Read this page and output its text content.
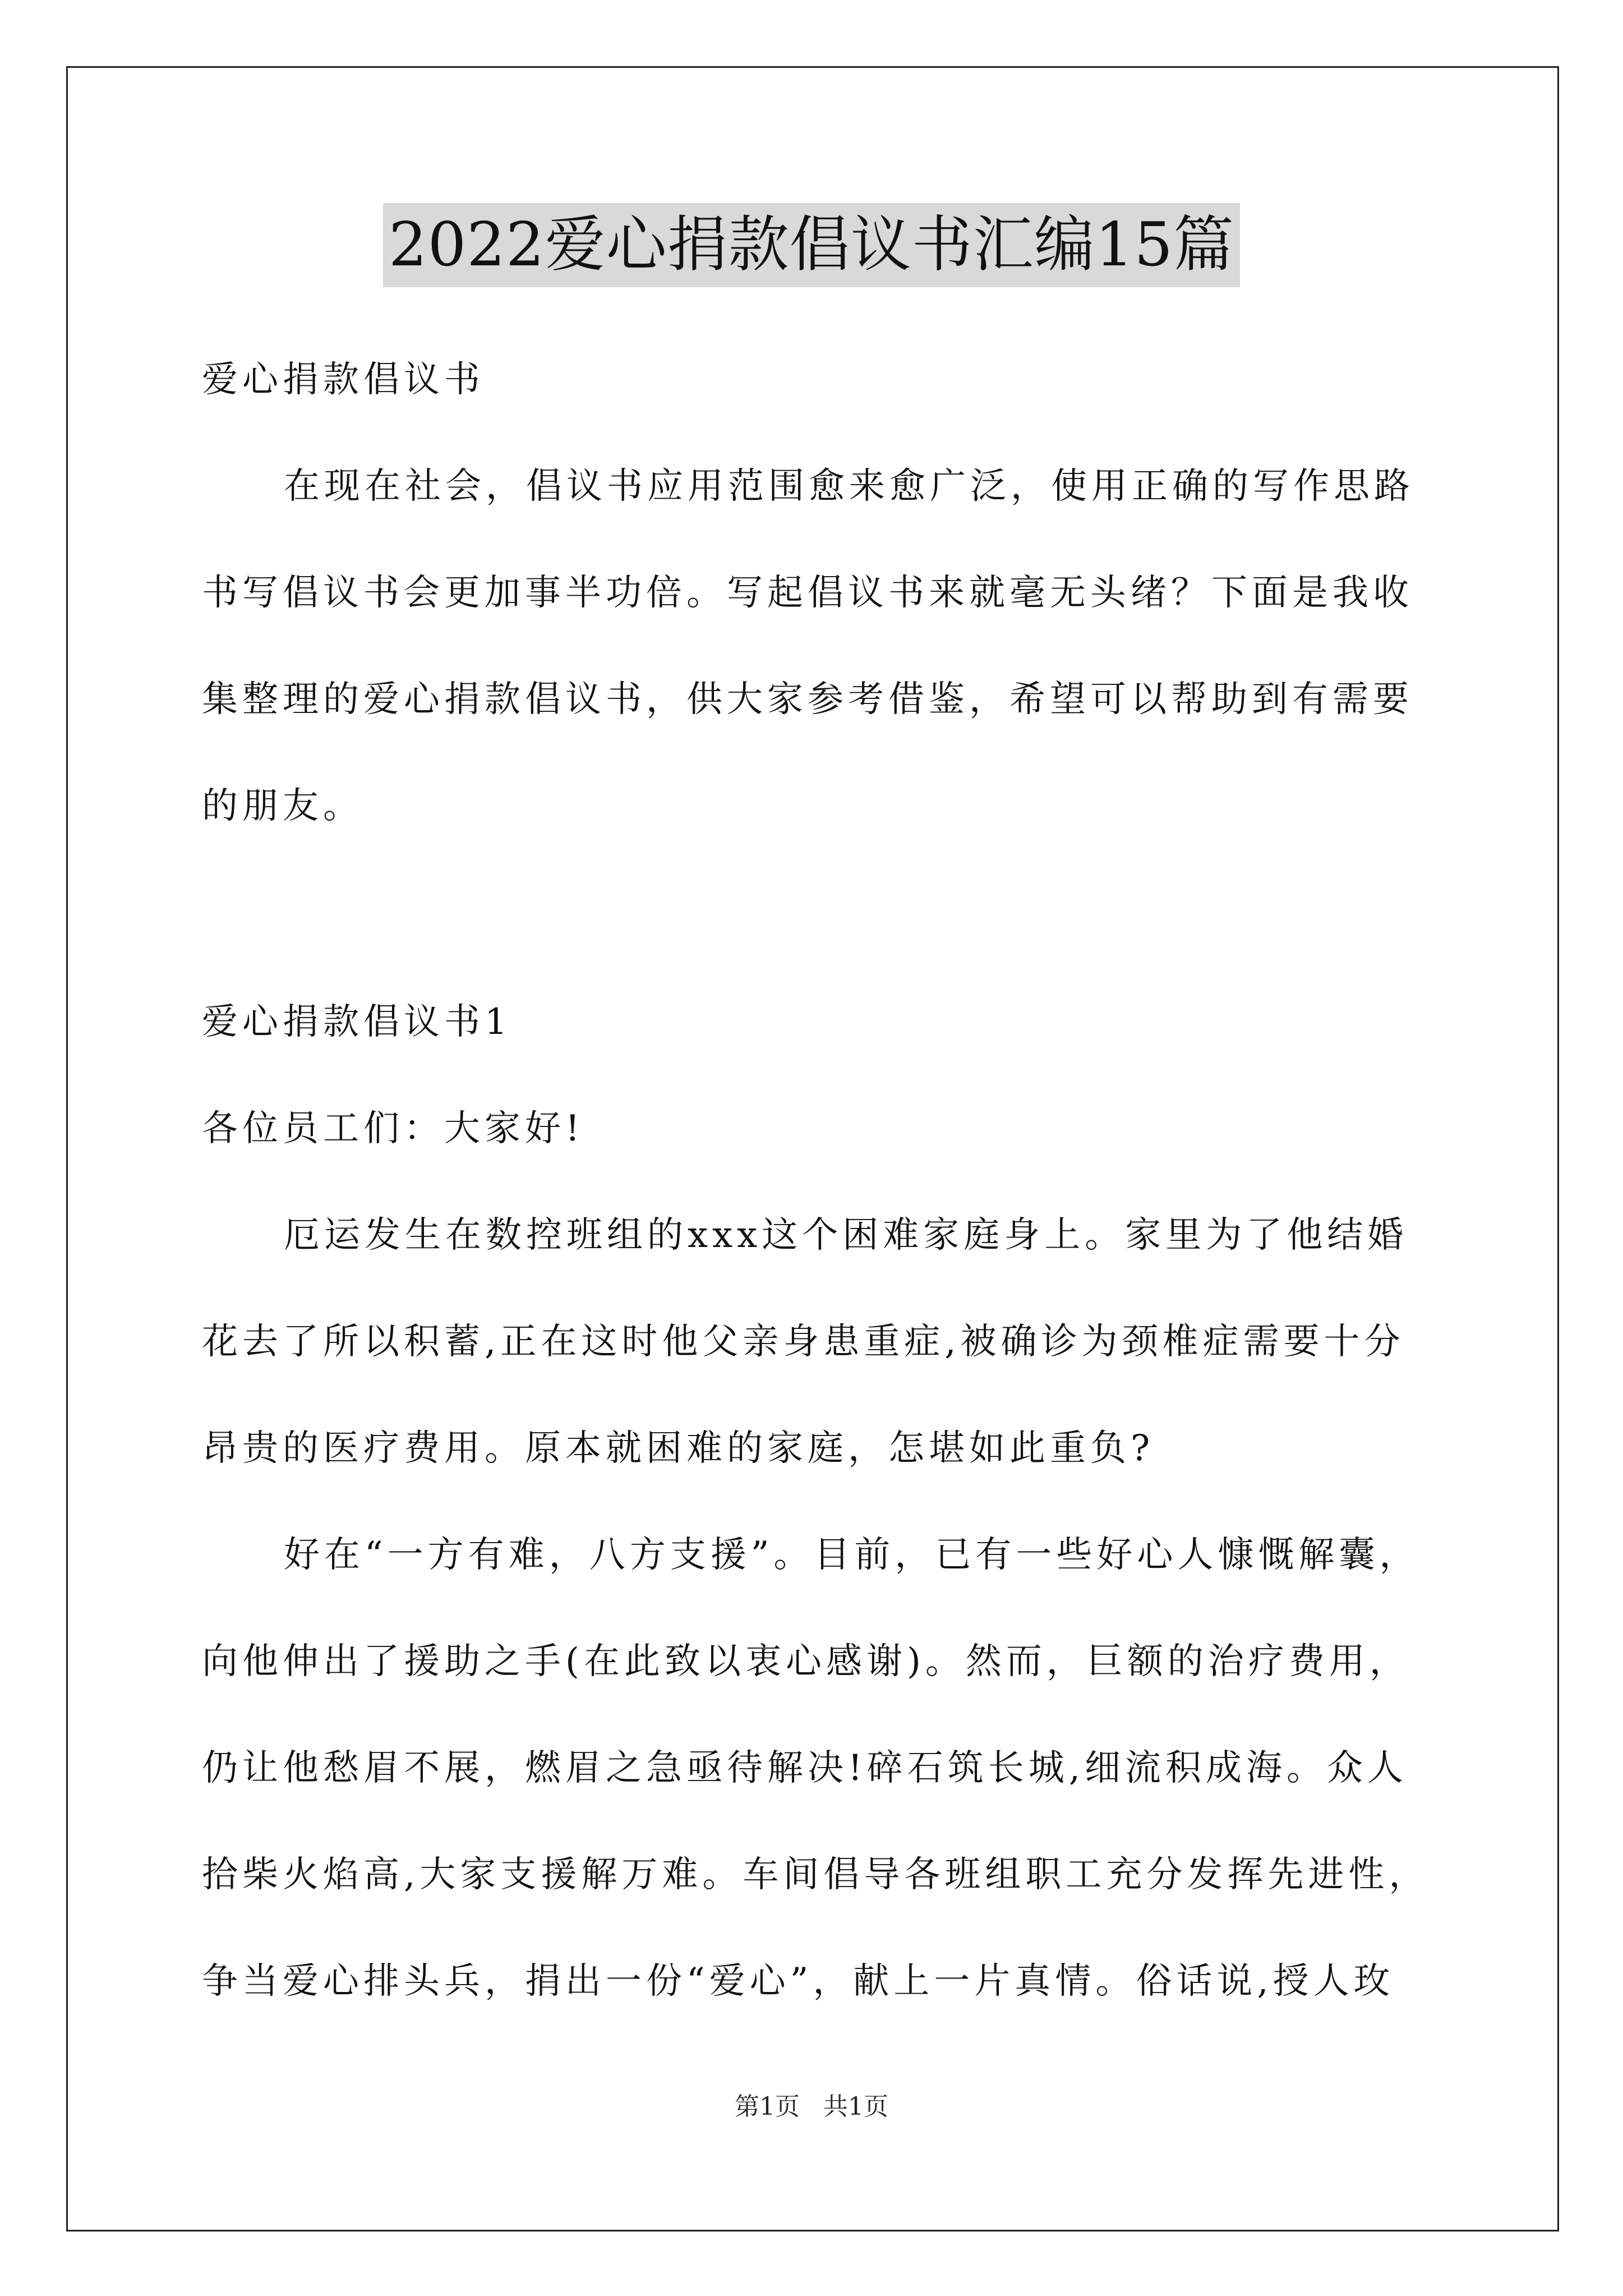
2022爱心捐款倡议书汇编15篇

爱心捐款倡议书

在现在社会，倡议书应用范围愈来愈广泛，使用正确的写作思路

书写倡议书会更加事半功倍。写起倡议书来就毫无头绪？下面是我收

集整理的爱心捐款倡议书，供大家参考借鉴，希望可以帮助到有需要

的朋友。

爱心捐款倡议书1

各位员工们：大家好!

厄运发生在数控班组的xxx这个困难家庭身上。家里为了他结婚

花去了所以积蓄,正在这时他父亲身患重症,被确诊为颈椎症需要十分

昂贵的医疗费用。原本就困难的家庭，怎堪如此重负?

好在“一方有难，八方支援”。目前，已有一些好心人慷慨解囊，

向他伸出了援助之手(在此致以衷心感谢)。然而，巨额的治疗费用，

仍让他愁眉不展，燃眉之急亟待解决!碎石筑长城,细流积成海。众人

拾柴火焰高,大家支援解万难。车间倡导各班组职工充分发挥先进性，

争当爱心排头兵，捐出一份“爱心”，献上一片真情。俗话说,授人玫

第1页   共1页
